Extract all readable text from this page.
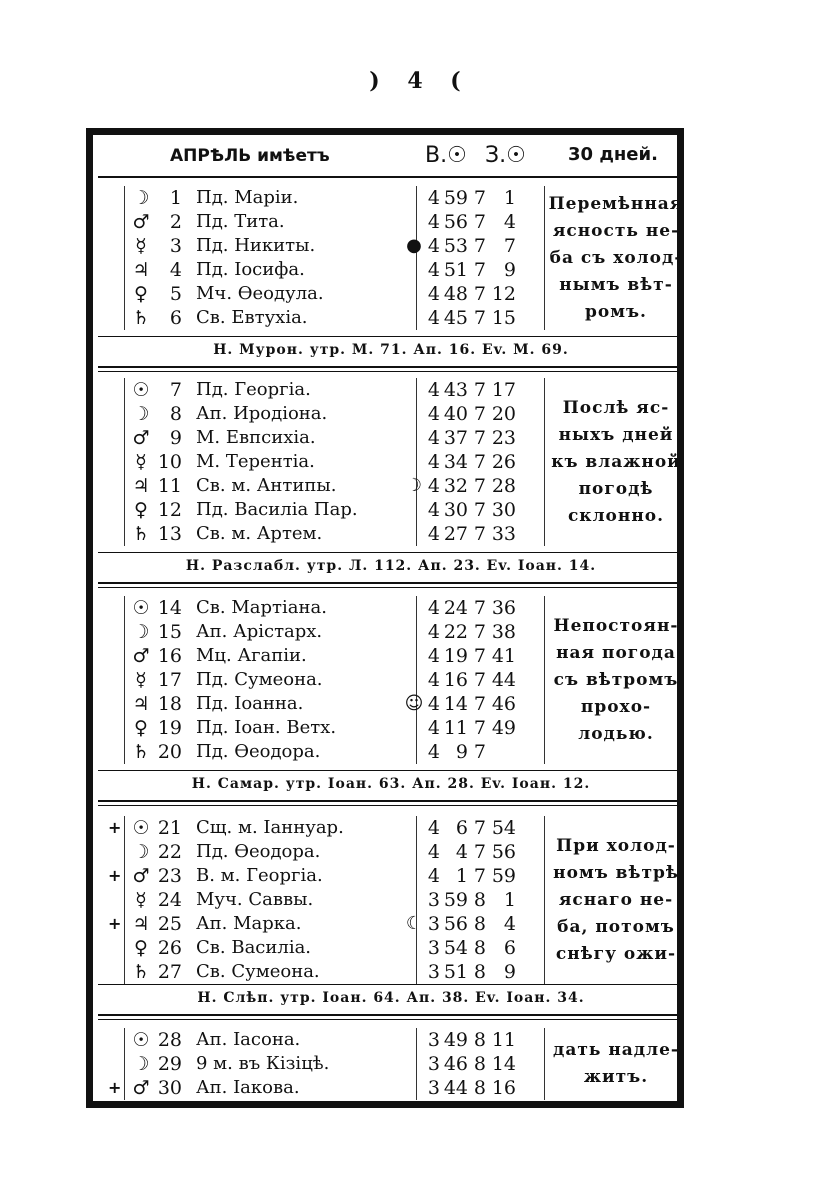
) 4 (
АПРѢЛЬ имѣетъ	В.☉ З.☉ 30 дней.
☽	1 Пд. Маріи.	4 59 7 1
♂	2 Пд. Тита.	4 56 7 4
☿	3 Пд. Никиты.	● 4 53 7 7
♃	4 Пд. Іосифа.	4 51 7 9
♀	5 Мч. Ѳеодула.	4 48 7 12
♄	6 Св. Евтухіа.	4 45 7 15
Перемѣнная
ясность не-
ба съ холод-
нымъ вѣт-
ромъ.
Н. Мурон. утр. М. 71. Ап. 16. Ev. М. 69.
☉	7 Пд. Георгіа.	4 43 7 17
☽	8 Ап. Иродіона.	4 40 7 20
♂	9 М. Евпсихіа.	4 37 7 23
☿ 10 М. Терентіа.	4 34 7 26
♃ 11 Св. м. Антипы.	☽ 4 32 7 28
♀ 12 Пд. Василіа Пар.	4 30 7 30
♄ 13 Св. м. Артем.	4 27 7 33
Послѣ яс-
ныхъ дней
къ влажной
погодѣ
склонно.
Н. Разслабл. утр. Л. 112. Ап. 23. Ev. Іоан. 14.
☉ 14 Св. Мартіана.	4 24 7 36
☽ 15 Ап. Арістарх.	4 22 7 38
♂ 16 Мц. Агапіи.	4 19 7 41
☿ 17 Пд. Сумеона.	4 16 7 44
♃ 18 Пд. Іоанна.	☺ 4 14 7 46
♀ 19 Пд. Іоан. Ветх.	4 11 7 49
♄ 20 Пд. Ѳеодора.	4 9 7
Непостоян-
ная погода
съ вѣтромъ
прохо-
лодью.
Н. Самар. утр. Іоан. 63. Ап. 28. Ev. Іоан. 12.
+ ☉ 21 Сщ. м. Іаннуар.	4 6 7 54
☽ 22 Пд. Ѳеодора.	4 4 7 56
+ ♂ 23 В. м. Георгіа.	4 1 7 59
☿ 24 Муч. Саввы.	3 59 8 1
+ ♃ 25 Ап. Марка.	☾ 3 56 8 4
♀ 26 Св. Василіа.	3 54 8 6
♄ 27 Св. Сумеона.	3 51 8 9
При холод-
номъ вѣтрѣ
яснаго не-
ба, потомъ
снѣгу ожи-
Н. Слѣп. утр. Іоан. 64. Ап. 38. Ev. Іоан. 34.
☉ 28 Ап. Іасона.	3 49 8 11
☽ 29 9 м. въ Кізіцѣ.	3 46 8 14
+ ♂ 30 Ап. Іакова.	3 44 8 16
дать надле-
житъ.
